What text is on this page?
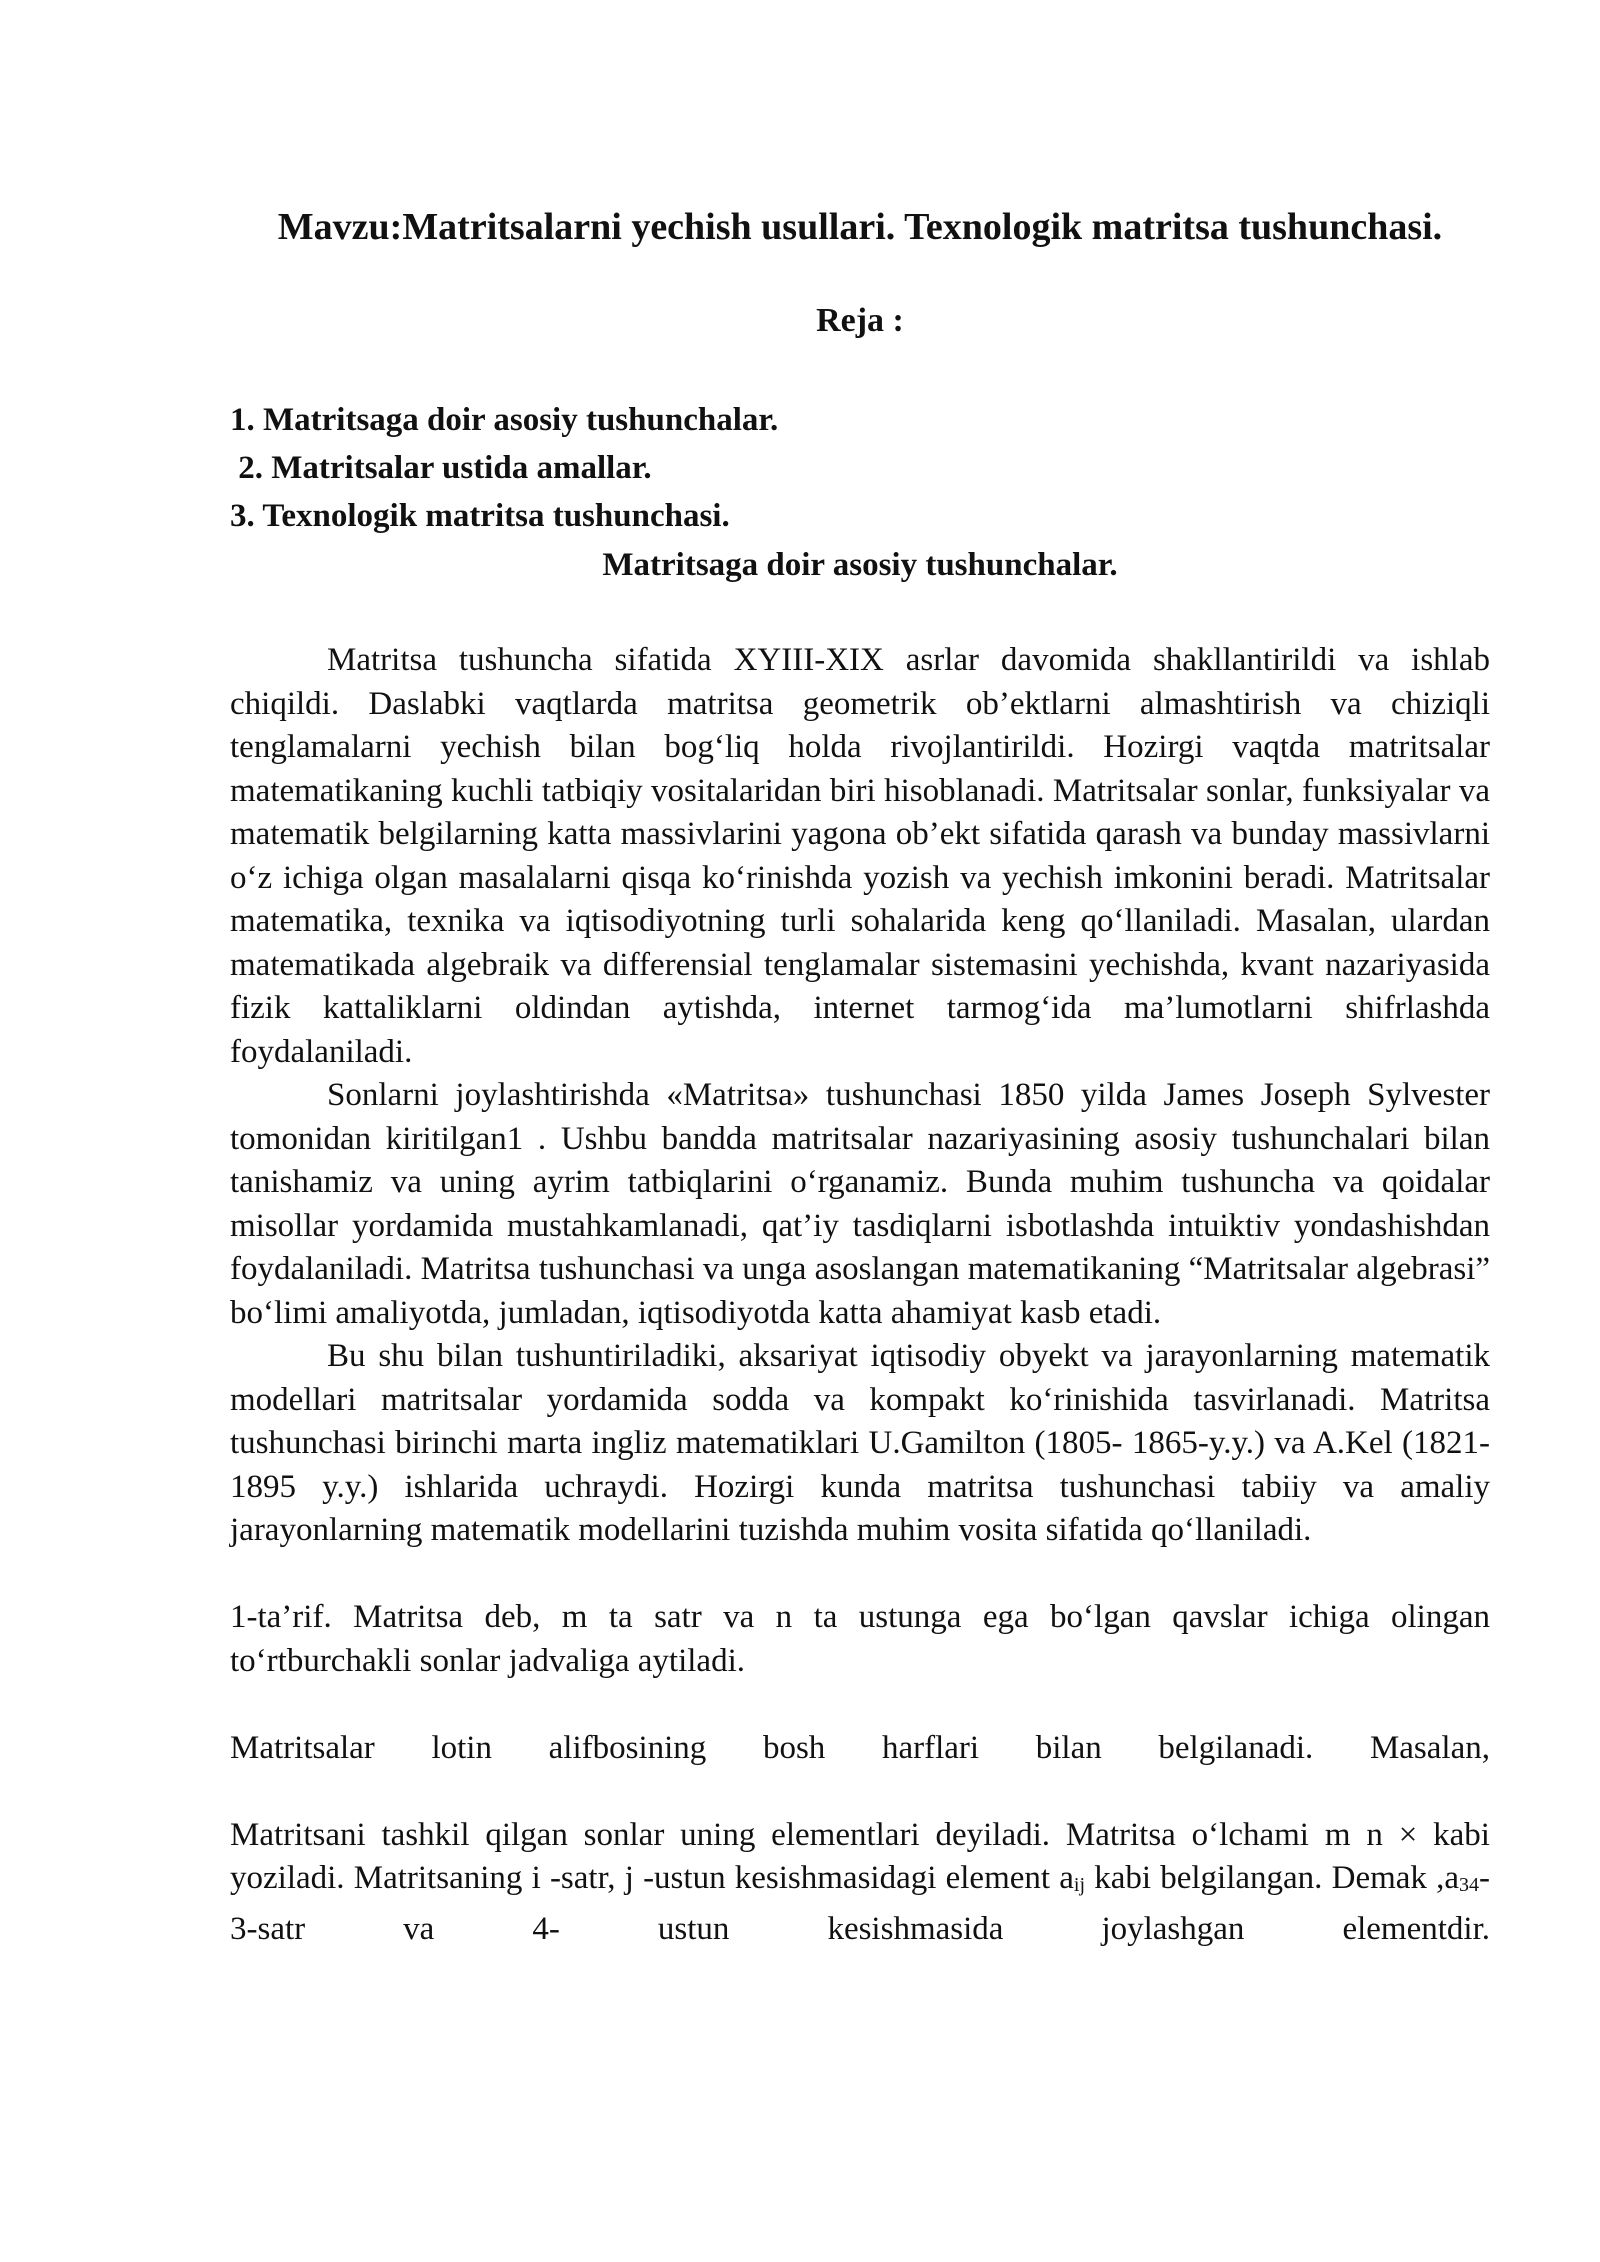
Mavzu:Matritsalarni yechish usullari. Texnologik matritsa tushunchasi.
Reja :
1. Matritsaga doir asosiy tushunchalar.
2. Matritsalar ustida amallar.
3. Texnologik matritsa tushunchasi.
Matritsaga doir asosiy tushunchalar.

Matritsa tushuncha sifatida XYIII-XIX asrlar davomida shakllantirildi va ishlab chiqildi. Daslabki vaqtlarda matritsa geometrik ob’ektlarni almashtirish va chiziqli tenglamalarni yechish bilan bog‘liq holda rivojlantirildi. Hozirgi vaqtda matritsalar matematikaning kuchli tatbiqiy vositalaridan biri hisoblanadi. Matritsalar sonlar, funksiyalar va matematik belgilarning katta massivlarini yagona ob’ekt sifatida qarash va bunday massivlarni o‘z ichiga olgan masalalarni qisqa ko‘rinishda yozish va yechish imkonini beradi. Matritsalar matematika, texnika va iqtisodiyotning turli sohalarida keng qo‘llaniladi. Masalan, ulardan matematikada algebraik va differensial tenglamalar sistemasini yechishda, kvant nazariyasida fizik kattaliklarni oldindan aytishda, internet tarmog‘ida ma’lumotlarni shifrlashda foydalaniladi.

Sonlarni joylashtirishda «Matritsa» tushunchasi 1850 yilda James Joseph Sylvester tomonidan kiritilgan1 . Ushbu bandda matritsalar nazariyasining asosiy tushunchalari bilan tanishamiz va uning ayrim tatbiqlarini o‘rganamiz. Bunda muhim tushuncha va qoidalar misollar yordamida mustahkamlanadi, qat’iy tasdiqlarni isbotlashda intuiktiv yondashishdan foydalaniladi. Matritsa tushunchasi va unga asoslangan matematikaning “Matritsalar algebrasi” bo‘limi amaliyotda, jumladan, iqtisodiyotda katta ahamiyat kasb etadi.

Bu shu bilan tushuntiriladiki, aksariyat iqtisodiy obyekt va jarayonlarning matematik modellari matritsalar yordamida sodda va kompakt ko‘rinishida tasvirlanadi. Matritsa tushunchasi birinchi marta ingliz matematiklari U.Gamilton (1805- 1865-y.y.) va A.Kel (1821-1895 y.y.) ishlarida uchraydi. Hozirgi kunda matritsa tushunchasi tabiiy va amaliy jarayonlarning matematik modellarini tuzishda muhim vosita sifatida qo‘llaniladi.

1-ta’rif. Matritsa deb, m ta satr va n ta ustunga ega bo‘lgan qavslar ichiga olingan to‘rtburchakli sonlar jadvaliga aytiladi.

Matritsalar lotin alifbosining bosh harflari bilan belgilanadi. Masalan,

Matritsani tashkil qilgan sonlar uning elementlari deyiladi. Matritsa o‘lchami m n × kabi yoziladi. Matritsaning i -satr, j -ustun kesishmasidagi element aij kabi belgilangan. Demak ,a34-3-satr va 4- ustun kesishmasida joylashgan elementdir.
